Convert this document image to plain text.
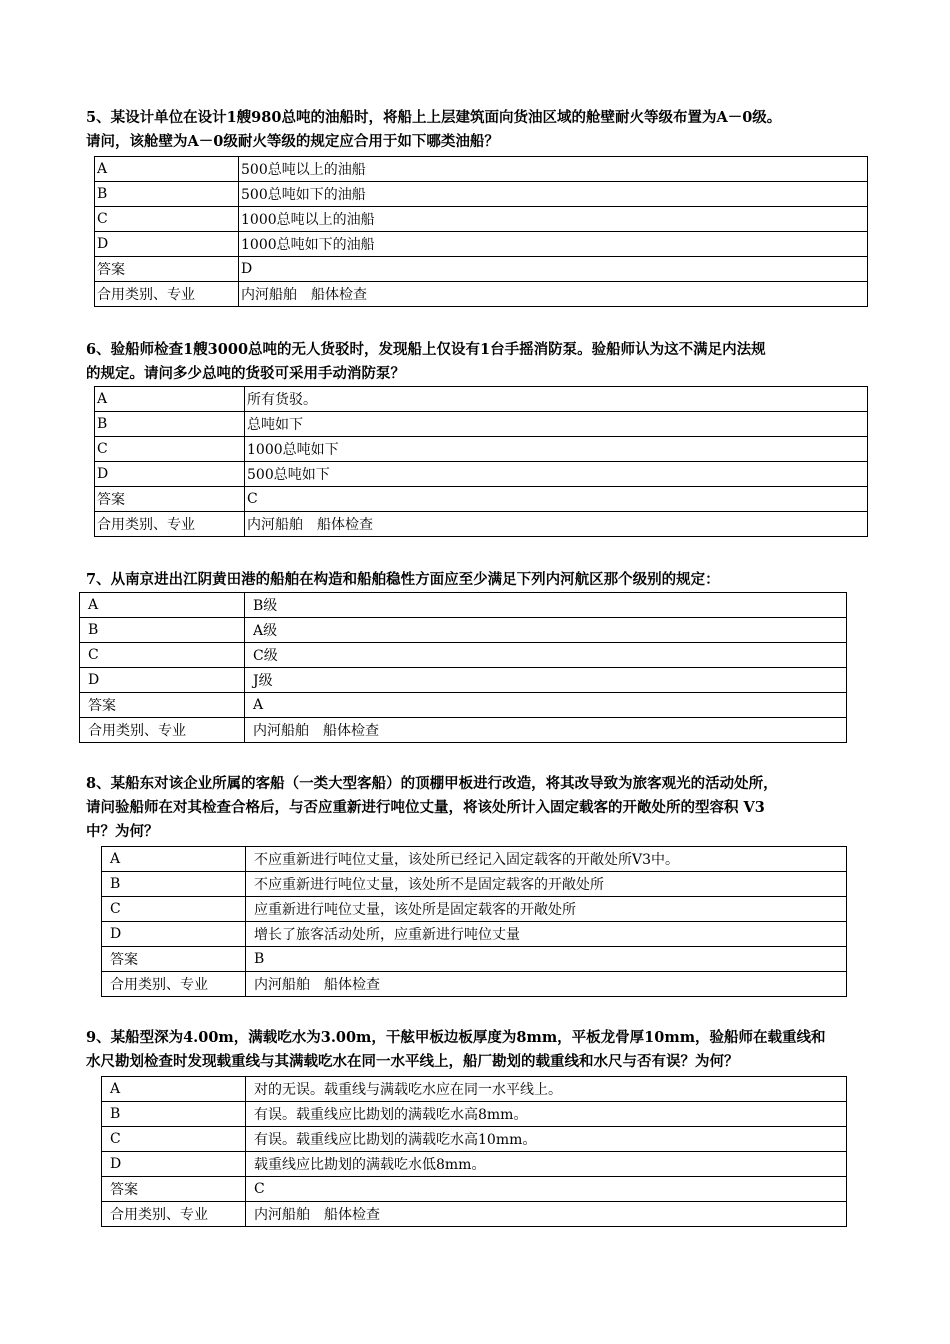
5、某设计单位在设计1艘980总吨的油船时，将船上上层建筑面向货油区域的舱壁耐火等级布置为A－0级。
请问，该舱壁为A－0级耐火等级的规定应合用于如下哪类油船？

A	500总吨以上的油船
B	500总吨如下的油船
C	1000总吨以上的油船
D	1000总吨如下的油船
答案	D
合用类别、专业	内河船舶　船体检查

6、验船师检查1艘3000总吨的无人货驳时，发现船上仅设有1台手摇消防泵。验船师认为这不满足内法规
的规定。请问多少总吨的货驳可采用手动消防泵？

A	所有货驳。
B	总吨如下
C	1000总吨如下
D	500总吨如下
答案	C
合用类别、专业	内河船舶　船体检查

7、从南京进出江阴黄田港的船舶在构造和船舶稳性方面应至少满足下列内河航区那个级别的规定：

A	B级
B	A级
C	C级
D	J级
答案	A
合用类别、专业	内河船舶　船体检查

8、某船东对该企业所属的客船（一类大型客船）的顶棚甲板进行改造，将其改导致为旅客观光的活动处所，
请问验船师在对其检查合格后，与否应重新进行吨位丈量，将该处所计入固定载客的开敞处所的型容积 V3
中？为何？

A	不应重新进行吨位丈量，该处所已经记入固定载客的开敞处所V3中。
B	不应重新进行吨位丈量，该处所不是固定载客的开敞处所
C	应重新进行吨位丈量，该处所是固定载客的开敞处所
D	增长了旅客活动处所，应重新进行吨位丈量
答案	B
合用类别、专业	内河船舶　船体检查

9、某船型深为4.00m，满载吃水为3.00m，干舷甲板边板厚度为8mm，平板龙骨厚10mm，验船师在载重线和
水尺勘划检查时发现载重线与其满载吃水在同一水平线上，船厂勘划的载重线和水尺与否有误？为何？

A	对的无误。载重线与满载吃水应在同一水平线上。
B	有误。载重线应比勘划的满载吃水高8mm。
C	有误。载重线应比勘划的满载吃水高10mm。
D	载重线应比勘划的满载吃水低8mm。
答案	C
合用类别、专业	内河船舶　船体检查
